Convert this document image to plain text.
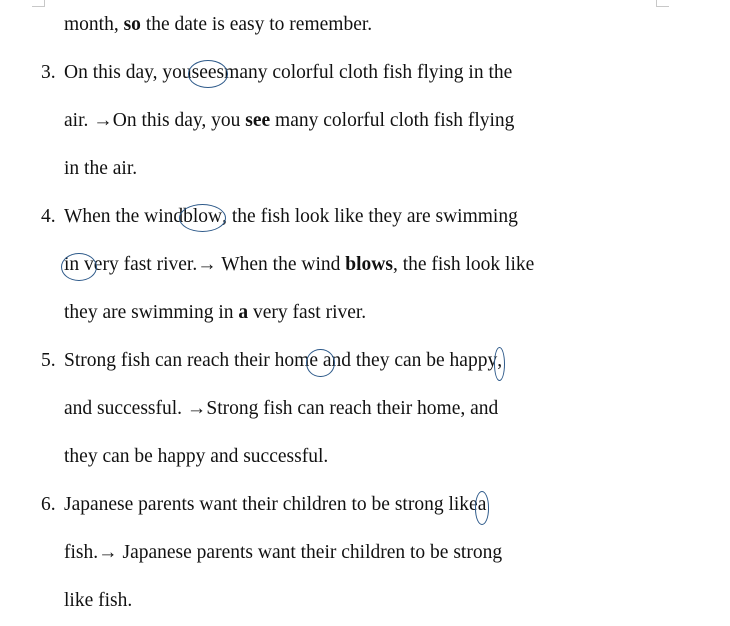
month, so the date is easy to remember.
3. On this day, youseesmany colorful cloth fish flying in the
air. →On this day, you see many colorful cloth fish flying
in the air.
4. When the windblow, the fish look like they are swimming
in very fast river.→ When the wind blows, the fish look like
they are swimming in a very fast river.
5. Strong fish can reach their home and they can be happy,
and successful. →Strong fish can reach their home, and
they can be happy and successful.
6. Japanese parents want their children to be strong likea
fish.→ Japanese parents want their children to be strong
like fish.
